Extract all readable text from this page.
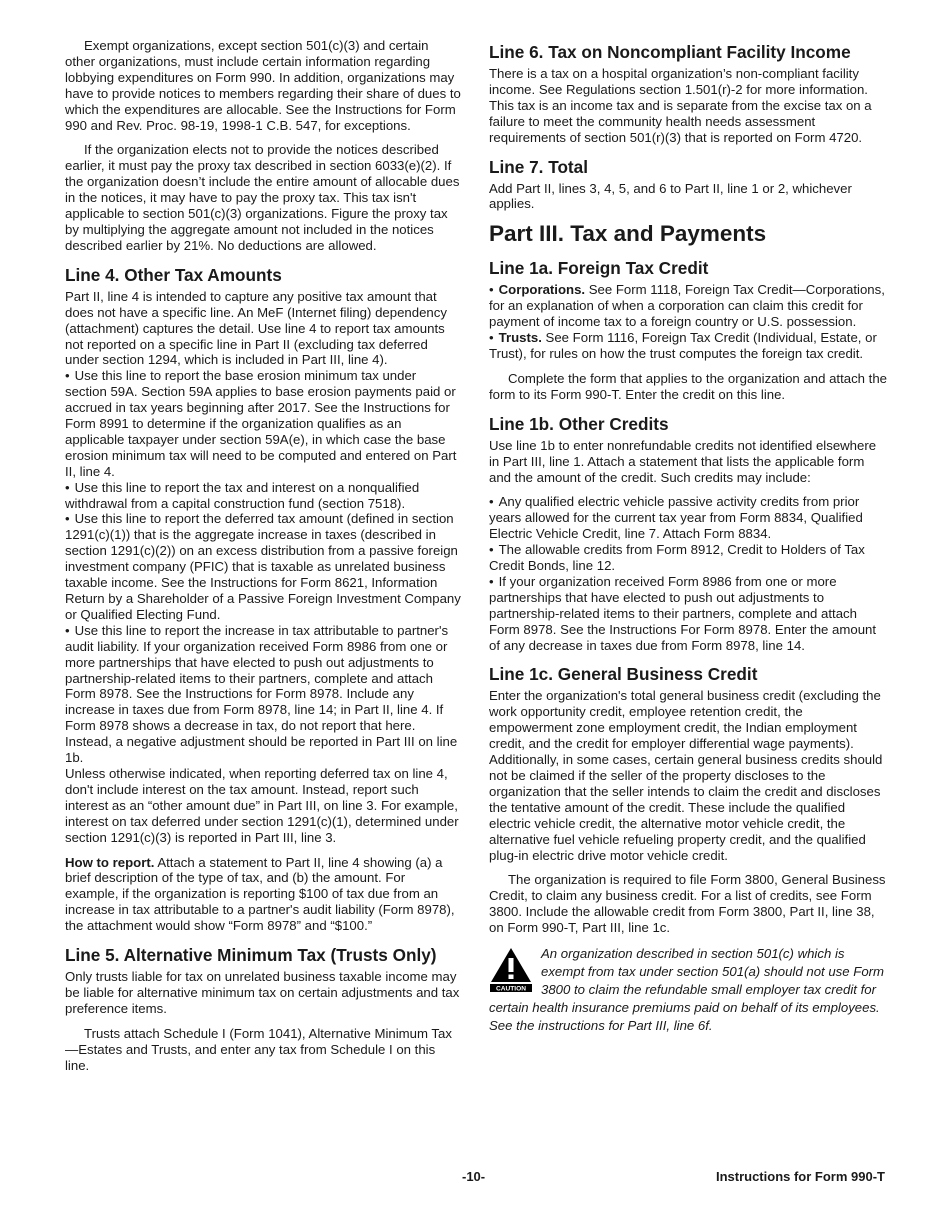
Exempt organizations, except section 501(c)(3) and certain other organizations, must include certain information regarding lobbying expenditures on Form 990. In addition, organizations may have to provide notices to members regarding their share of dues to which the expenditures are allocable. See the Instructions for Form 990 and Rev. Proc. 98-19, 1998-1 C.B. 547, for exceptions.

If the organization elects not to provide the notices described earlier, it must pay the proxy tax described in section 6033(e)(2). If the organization doesn’t include the entire amount of allocable dues in the notices, it may have to pay the proxy tax. This tax isn't applicable to section 501(c)(3) organizations. Figure the proxy tax by multiplying the aggregate amount not included in the notices described earlier by 21%. No deductions are allowed.

Line 4. Other Tax Amounts

Part II, line 4 is intended to capture any positive tax amount that does not have a specific line. An MeF (Internet filing) dependency (attachment) captures the detail. Use line 4 to report tax amounts not reported on a specific line in Part II (excluding tax deferred under section 1294, which is included in Part III, line 4).

• Use this line to report the base erosion minimum tax under section 59A. Section 59A applies to base erosion payments paid or accrued in tax years beginning after 2017. See the Instructions for Form 8991 to determine if the organization qualifies as an applicable taxpayer under section 59A(e), in which case the base erosion minimum tax will need to be computed and entered on Part II, line 4.

• Use this line to report the tax and interest on a nonqualified withdrawal from a capital construction fund (section 7518).

• Use this line to report the deferred tax amount (defined in section 1291(c)(1)) that is the aggregate increase in taxes (described in section 1291(c)(2)) on an excess distribution from a passive foreign investment company (PFIC) that is taxable as unrelated business taxable income. See the Instructions for Form 8621, Information Return by a Shareholder of a Passive Foreign Investment Company or Qualified Electing Fund.

• Use this line to report the increase in tax attributable to partner's audit liability. If your organization received Form 8986 from one or more partnerships that have elected to push out adjustments to partnership-related items to their partners, complete and attach Form 8978. See the Instructions for Form 8978. Include any increase in taxes due from Form 8978, line 14; in Part II, line 4. If Form 8978 shows a decrease in tax, do not report that here. Instead, a negative adjustment should be reported in Part III on line 1b.

Unless otherwise indicated, when reporting deferred tax on line 4, don't include interest on the tax amount. Instead, report such interest as an “other amount due” in Part III, on line 3. For example, interest on tax deferred under section 1291(c)(1), determined under section 1291(c)(3) is reported in Part III, line 3.

How to report. Attach a statement to Part II, line 4 showing (a) a brief description of the type of tax, and (b) the amount. For example, if the organization is reporting $100 of tax due from an increase in tax attributable to a partner's audit liability (Form 8978), the attachment would show “Form 8978” and “$100.”

Line 5. Alternative Minimum Tax (Trusts Only)

Only trusts liable for tax on unrelated business taxable income may be liable for alternative minimum tax on certain adjustments and tax preference items.

Trusts attach Schedule I (Form 1041), Alternative Minimum Tax—Estates and Trusts, and enter any tax from Schedule I on this line.

Line 6. Tax on Noncompliant Facility Income

There is a tax on a hospital organization’s non-compliant facility income. See Regulations section 1.501(r)-2 for more information. This tax is an income tax and is separate from the excise tax on a failure to meet the community health needs assessment requirements of section 501(r)(3) that is reported on Form 4720.

Line 7. Total

Add Part II, lines 3, 4, 5, and 6 to Part II, line 1 or 2, whichever applies.

Part III. Tax and Payments
Line 1a. Foreign Tax Credit

• Corporations. See Form 1118, Foreign Tax Credit—Corporations, for an explanation of when a corporation can claim this credit for payment of income tax to a foreign country or U.S. possession.

• Trusts. See Form 1116, Foreign Tax Credit (Individual, Estate, or Trust), for rules on how the trust computes the foreign tax credit.

Complete the form that applies to the organization and attach the form to its Form 990-T. Enter the credit on this line.

Line 1b. Other Credits

Use line 1b to enter nonrefundable credits not identified elsewhere in Part III, line 1. Attach a statement that lists the applicable form and the amount of the credit. Such credits may include:

• Any qualified electric vehicle passive activity credits from prior years allowed for the current tax year from Form 8834, Qualified Electric Vehicle Credit, line 7. Attach Form 8834.

• The allowable credits from Form 8912, Credit to Holders of Tax Credit Bonds, line 12.

• If your organization received Form 8986 from one or more partnerships that have elected to push out adjustments to partnership-related items to their partners, complete and attach Form 8978. See the Instructions For Form 8978. Enter the amount of any decrease in taxes due from Form 8978, line 14.

Line 1c. General Business Credit

Enter the organization's total general business credit (excluding the work opportunity credit, employee retention credit, the empowerment zone employment credit, the Indian employment credit, and the credit for employer differential wage payments). Additionally, in some cases, certain general business credits should not be claimed if the seller of the property discloses to the organization that the seller intends to claim the credit and discloses the tentative amount of the credit. These include the qualified electric vehicle credit, the alternative motor vehicle credit, the alternative fuel vehicle refueling property credit, and the qualified plug-in electric drive motor vehicle credit.

The organization is required to file Form 3800, General Business Credit, to claim any business credit. For a list of credits, see Form 3800. Include the allowable credit from Form 3800, Part II, line 38, on Form 990-T, Part III, line 1c.

CAUTION
An organization described in section 501(c) which is exempt from tax under section 501(a) should not use Form 3800 to claim the refundable small employer tax credit for certain health insurance premiums paid on behalf of its employees. See the instructions for Part III, line 6f.
-10-	Instructions for Form 990-T
